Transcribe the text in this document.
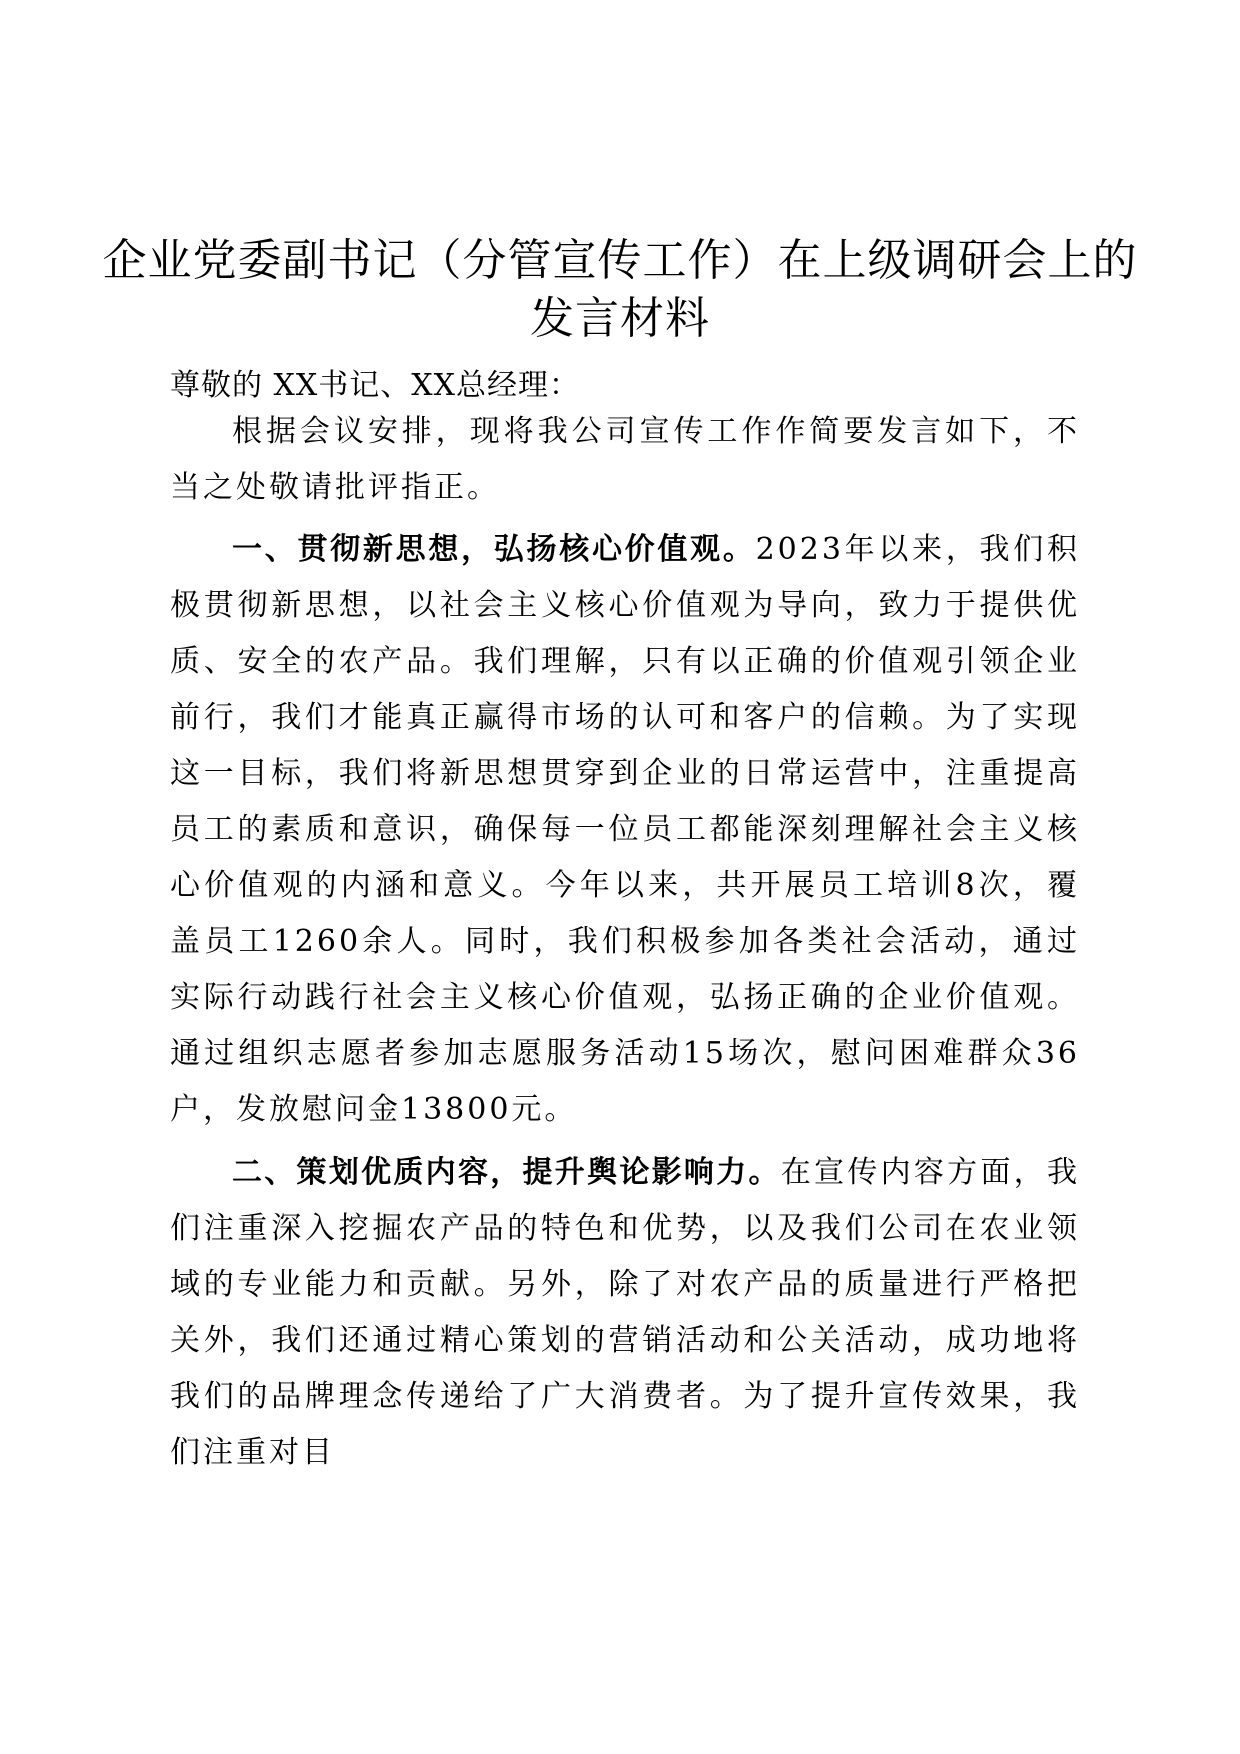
企业党委副书记（分管宣传工作）在上级调研会上的发言材料

尊敬的 XX书记、XX总经理：

根据会议安排，现将我公司宣传工作作简要发言如下，不当之处敬请批评指正。

一、贯彻新思想，弘扬核心价值观。2023年以来，我们积极贯彻新思想，以社会主义核心价值观为导向，致力于提供优质、安全的农产品。我们理解，只有以正确的价值观引领企业前行，我们才能真正赢得市场的认可和客户的信赖。为了实现这一目标，我们将新思想贯穿到企业的日常运营中，注重提高员工的素质和意识，确保每一位员工都能深刻理解社会主义核心价值观的内涵和意义。今年以来，共开展员工培训8次，覆盖员工1260余人。同时，我们积极参加各类社会活动，通过实际行动践行社会主义核心价值观，弘扬正确的企业价值观。通过组织志愿者参加志愿服务活动15场次，慰问困难群众36户，发放慰问金13800元。

二、策划优质内容，提升舆论影响力。在宣传内容方面，我们注重深入挖掘农产品的特色和优势，以及我们公司在农业领域的专业能力和贡献。另外，除了对农产品的质量进行严格把关外，我们还通过精心策划的营销活动和公关活动，成功地将我们的品牌理念传递给了广大消费者。为了提升宣传效果，我们注重对目
